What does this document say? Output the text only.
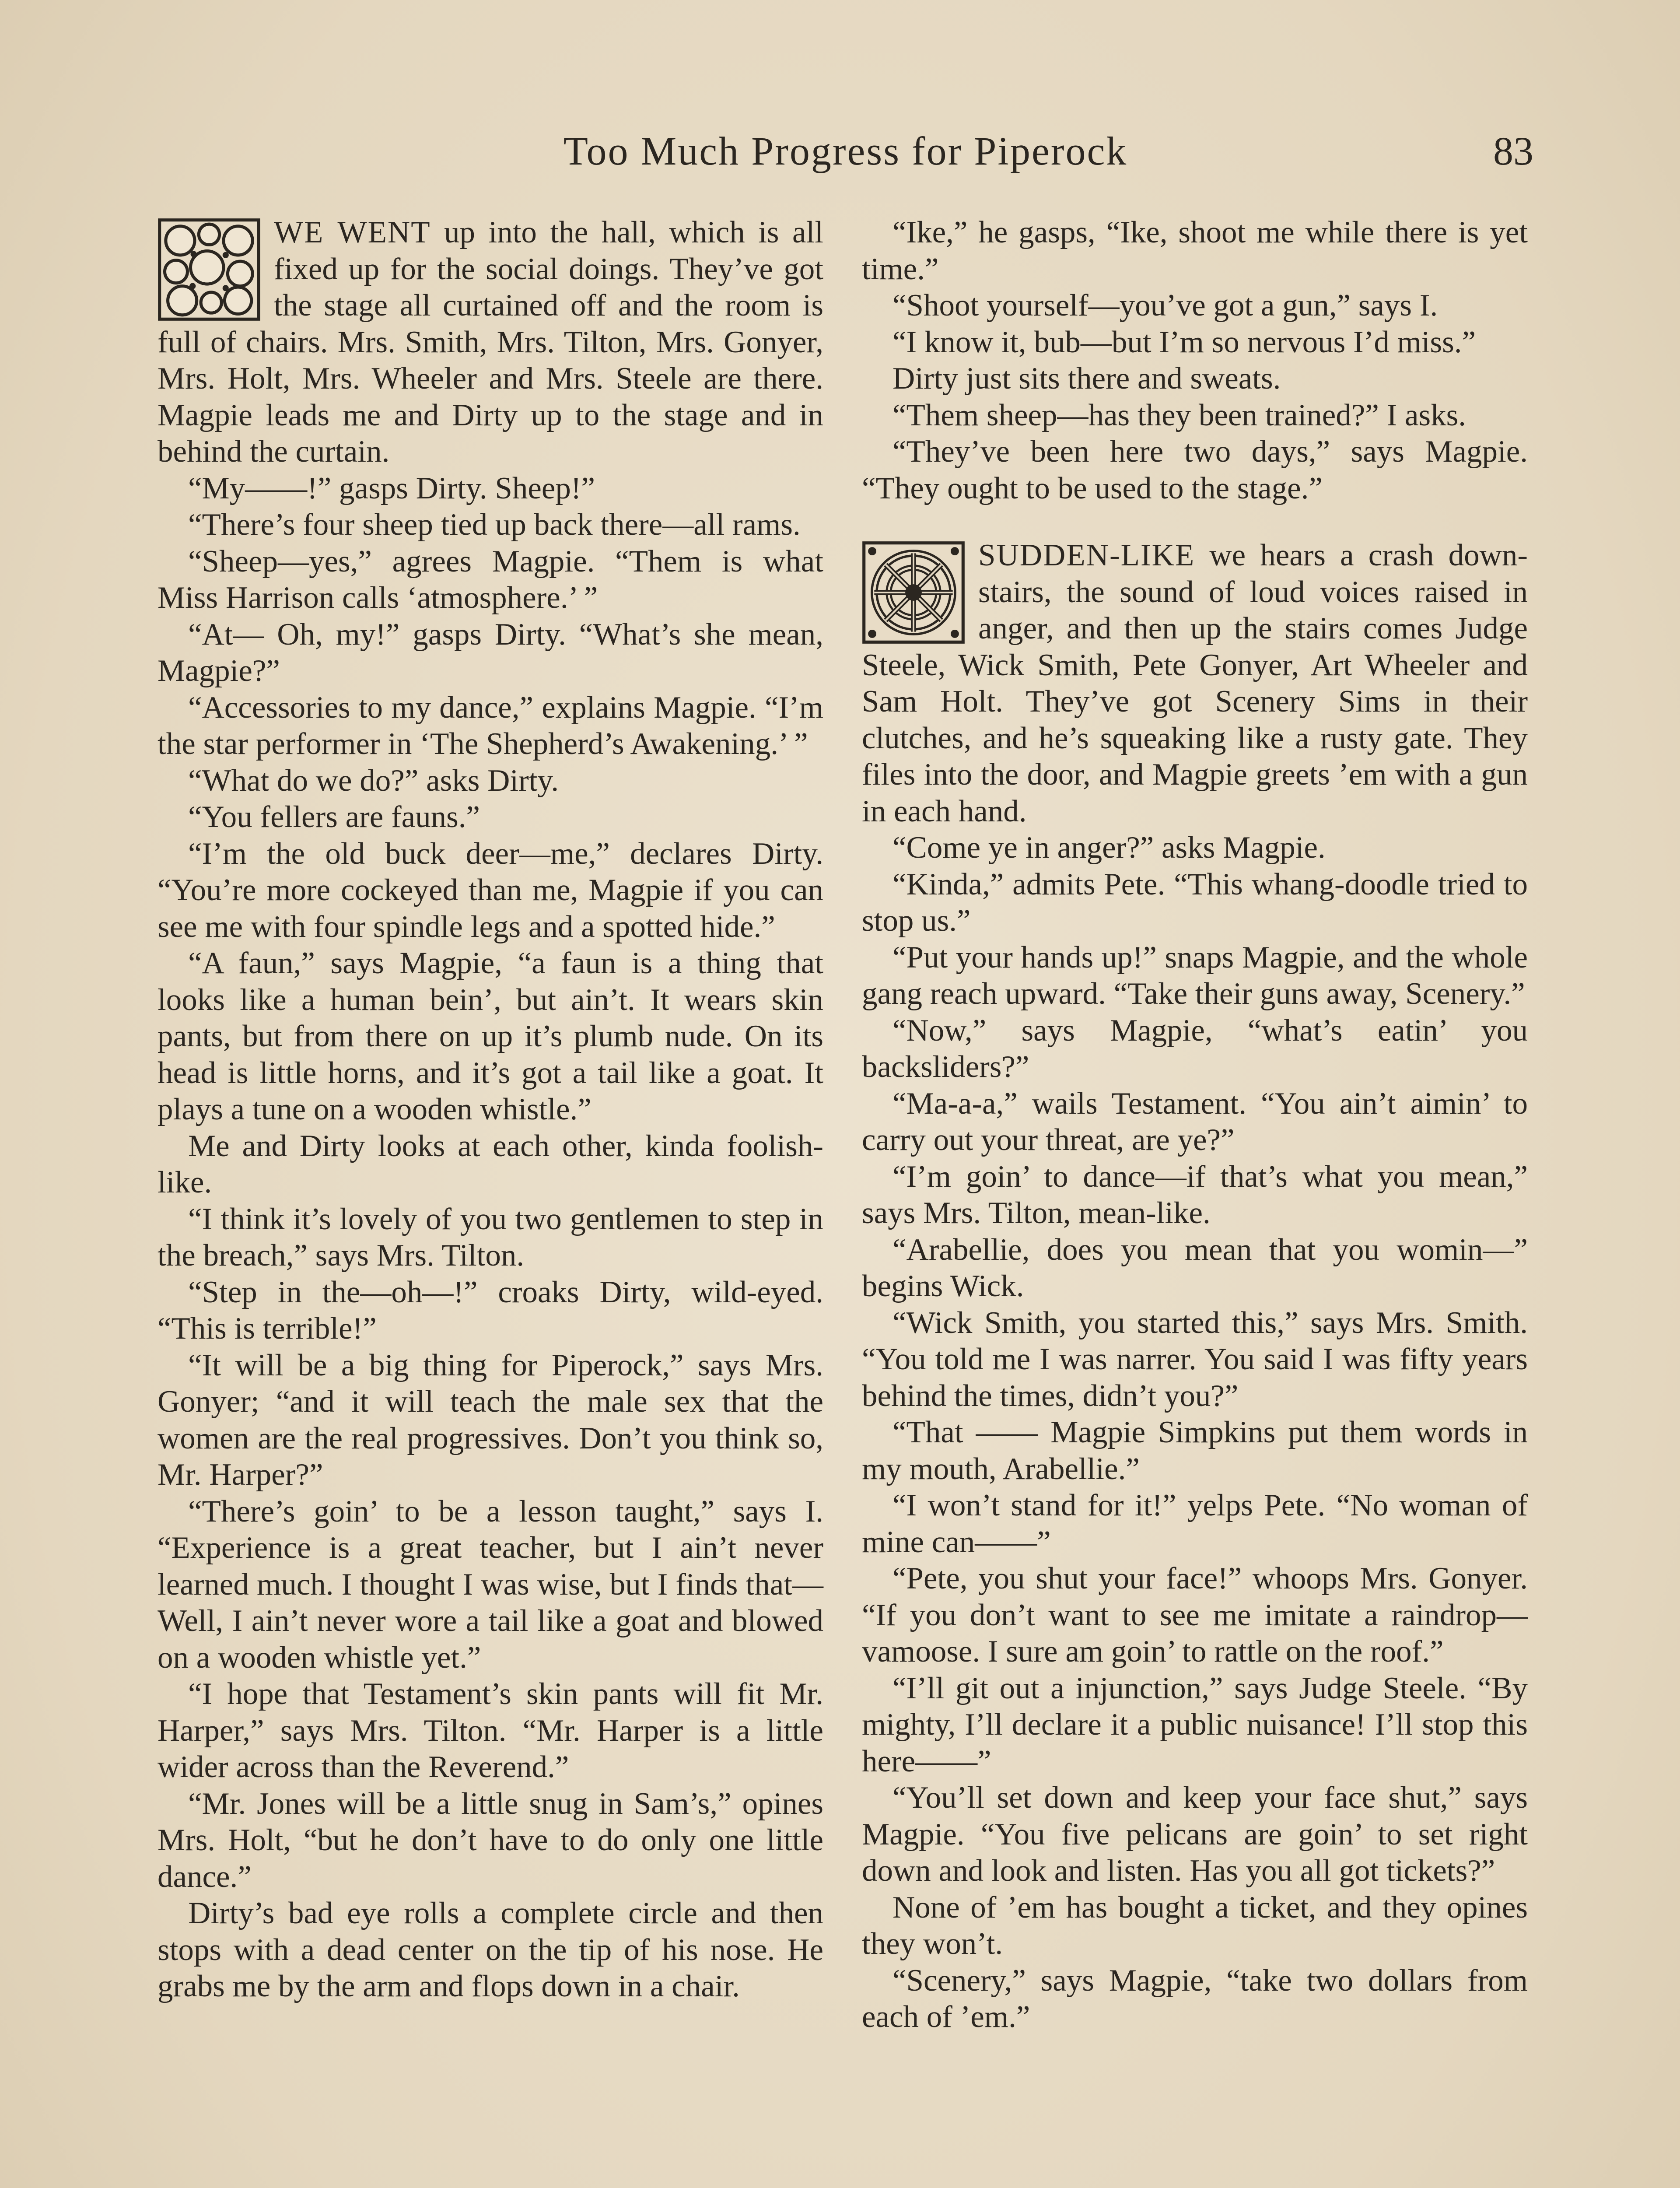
Too Much Progress for Piperock	83

WE WENT up into the hall, which is all fixed up for the social doings. They’ve got the stage all curtained off and the room is full of chairs. Mrs. Smith, Mrs. Tilton, Mrs. Gonyer, Mrs. Holt, Mrs. Wheeler and Mrs. Steele are there. Magpie leads me and Dirty up to the stage and in behind the curtain.

“My——!” gasps Dirty. Sheep!”

“There’s four sheep tied up back there—all rams.

“Sheep—yes,” agrees Magpie. “Them is what Miss Harrison calls ‘atmosphere.’ ”

“At— Oh, my!” gasps Dirty. “What’s she mean, Magpie?”

“Accessories to my dance,” explains Magpie. “I’m the star performer in ‘The Shepherd’s Awakening.’ ”

“What do we do?” asks Dirty.

“You fellers are fauns.”

“I’m the old buck deer—me,” declares Dirty. “You’re more cockeyed than me, Magpie if you can see me with four spindle legs and a spotted hide.”

“A faun,” says Magpie, “a faun is a thing that looks like a human bein’, but ain’t. It wears skin pants, but from there on up it’s plumb nude. On its head is little horns, and it’s got a tail like a goat. It plays a tune on a wooden whistle.”

Me and Dirty looks at each other, kinda foolish-like.

“I think it’s lovely of you two gentlemen to step in the breach,” says Mrs. Tilton.

“Step in the—oh—!” croaks Dirty, wild-eyed. “This is terrible!”

“It will be a big thing for Piperock,” says Mrs. Gonyer; “and it will teach the male sex that the women are the real progressives. Don’t you think so, Mr. Harper?”

“There’s goin’ to be a lesson taught,” says I. “Experience is a great teacher, but I ain’t never learned much. I thought I was wise, but I finds that— Well, I ain’t never wore a tail like a goat and blowed on a wooden whistle yet.”

“I hope that Testament’s skin pants will fit Mr. Harper,” says Mrs. Tilton. “Mr. Harper is a little wider across than the Reverend.”

“Mr. Jones will be a little snug in Sam’s,” opines Mrs. Holt, “but he don’t have to do only one little dance.”

Dirty’s bad eye rolls a complete circle and then stops with a dead center on the tip of his nose. He grabs me by the arm and flops down in a chair.

“Ike,” he gasps, “Ike, shoot me while there is yet time.”

“Shoot yourself—you’ve got a gun,” says I.

“I know it, bub—but I’m so nervous I’d miss.”

Dirty just sits there and sweats.

“Them sheep—has they been trained?” I asks.

“They’ve been here two days,” says Magpie. “They ought to be used to the stage.”

SUDDEN-LIKE we hears a crash down-stairs, the sound of loud voices raised in anger, and then up the stairs comes Judge Steele, Wick Smith, Pete Gonyer, Art Wheeler and Sam Holt. They’ve got Scenery Sims in their clutches, and he’s squeaking like a rusty gate. They files into the door, and Magpie greets ’em with a gun in each hand.

“Come ye in anger?” asks Magpie.

“Kinda,” admits Pete. “This whang-doodle tried to stop us.”

“Put your hands up!” snaps Magpie, and the whole gang reach upward. “Take their guns away, Scenery.”

“Now,” says Magpie, “what’s eatin’ you backsliders?”

“Ma-a-a,” wails Testament. “You ain’t aimin’ to carry out your threat, are ye?”

“I’m goin’ to dance—if that’s what you mean,” says Mrs. Tilton, mean-like.

“Arabellie, does you mean that you womin—” begins Wick.

“Wick Smith, you started this,” says Mrs. Smith. “You told me I was narrer. You said I was fifty years behind the times, didn’t you?”

“That —— Magpie Simpkins put them words in my mouth, Arabellie.”

“I won’t stand for it!” yelps Pete. “No woman of mine can——”

“Pete, you shut your face!” whoops Mrs. Gonyer. “If you don’t want to see me imitate a raindrop—vamoose. I sure am goin’ to rattle on the roof.”

“I’ll git out a injunction,” says Judge Steele. “By mighty, I’ll declare it a public nuisance! I’ll stop this here——”

“You’ll set down and keep your face shut,” says Magpie. “You five pelicans are goin’ to set right down and look and listen. Has you all got tickets?”

None of ’em has bought a ticket, and they opines they won’t.

“Scenery,” says Magpie, “take two dollars from each of ’em.”
